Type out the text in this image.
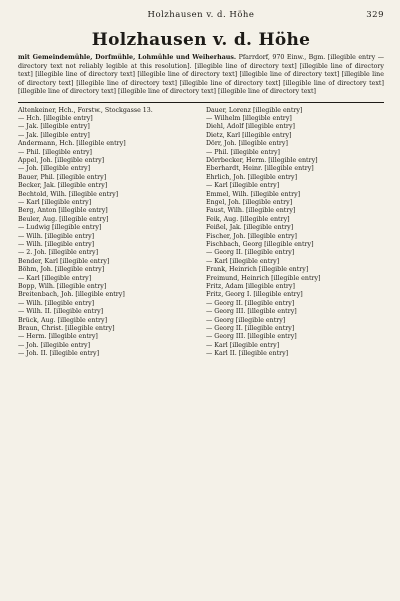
Holzhausen v. d. Höhe	329
Holzhausen v. d. Höhe
mit Gemeindemühle, Dorfmühle, Lohmühle und Weiherhaus. Pfarrdorf, 970 Einw., Bgm. [illegible entry — directory text not reliably legible at this resolution]. [illegible line of directory text] [illegible line of directory text] [illegible line of directory text] [illegible line of directory text] [illegible line of directory text] [illegible line of directory text] [illegible line of directory text] [illegible line of directory text] [illegible line of directory text] [illegible line of directory text] [illegible line of directory text] [illegible line of directory text]

Altenkeiner, Hch., Forstw., Stockgasse 13.

— Hch. [illegible entry]

— Jak. [illegible entry]

— Jak. [illegible entry]

Andermann, Hch. [illegible entry]

— Phil. [illegible entry]

Appel, Joh. [illegible entry]

— Joh. [illegible entry]

Bauer, Phil. [illegible entry]

Becker, Jak. [illegible entry]

Bechtold, Wilh. [illegible entry]

— Karl [illegible entry]

Berg, Anton [illegible entry]

Beuler, Aug. [illegible entry]

— Ludwig [illegible entry]

— Wilh. [illegible entry]

— Wilh. [illegible entry]

— 2. Joh. [illegible entry]

Bender, Karl [illegible entry]

Böhm, Joh. [illegible entry]

— Karl [illegible entry]

Bopp, Wilh. [illegible entry]

Breitenbach, Joh. [illegible entry]

— Wilh. [illegible entry]

— Wilh. II. [illegible entry]

Brück, Aug. [illegible entry]

Braun, Christ. [illegible entry]

— Herm. [illegible entry]

— Joh. [illegible entry]

— Joh. II. [illegible entry]

Dauer, Lorenz [illegible entry]

— Wilhelm [illegible entry]

Diehl, Adolf [illegible entry]

Dietz, Karl [illegible entry]

Dörr, Joh. [illegible entry]

— Phil. [illegible entry]

Dörrbecker, Herm. [illegible entry]

Eberhardt, Heinr. [illegible entry]

Ehrlich, Joh. [illegible entry]

— Karl [illegible entry]

Emmel, Wilh. [illegible entry]

Engel, Joh. [illegible entry]

Faust, Wilh. [illegible entry]

Feik, Aug. [illegible entry]

Feißel, Jak. [illegible entry]

Fischer, Joh. [illegible entry]

Fischbach, Georg [illegible entry]

— Georg II. [illegible entry]

— Karl [illegible entry]

Frank, Heinrich [illegible entry]

Freimund, Heinrich [illegible entry]

Fritz, Adam [illegible entry]

Fritz, Georg I. [illegible entry]

— Georg II. [illegible entry]

— Georg III. [illegible entry]

— Georg [illegible entry]

— Georg II. [illegible entry]

— Georg III. [illegible entry]

— Karl [illegible entry]

— Karl II. [illegible entry]
